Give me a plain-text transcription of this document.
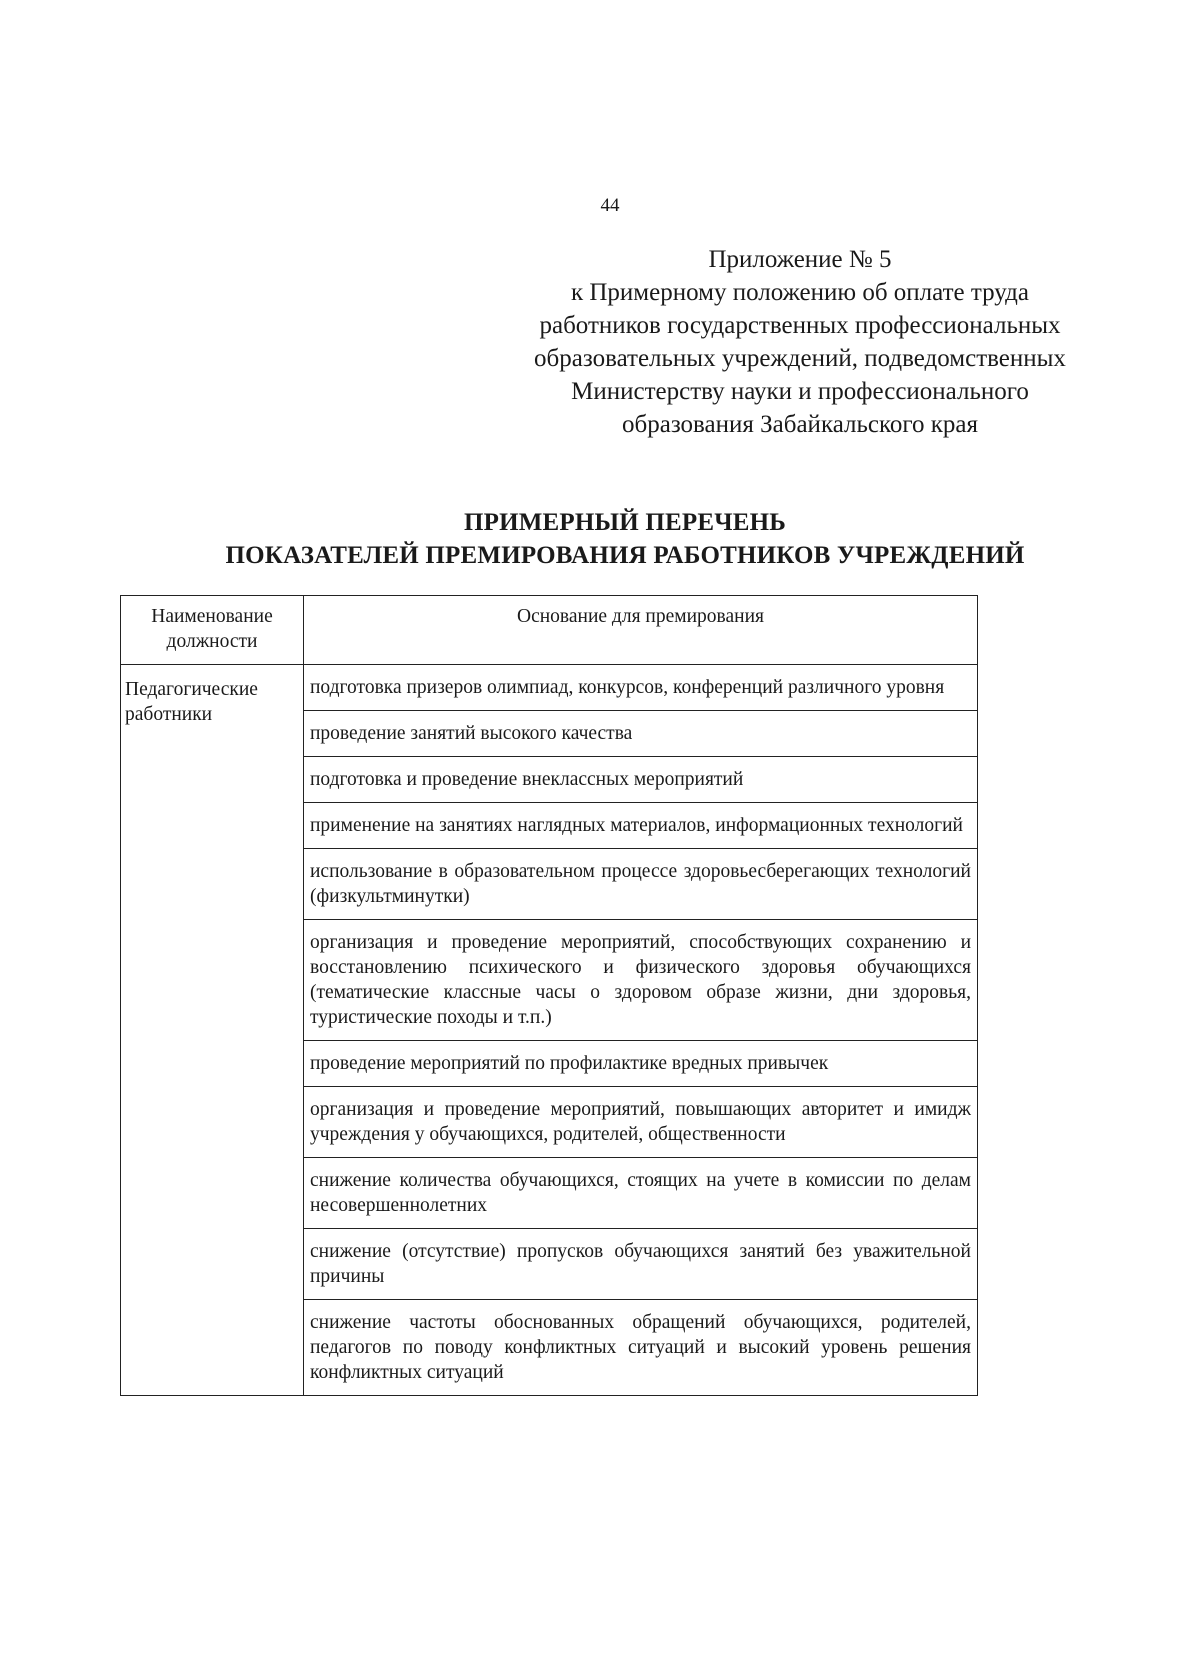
44
Приложение № 5
к Примерному положению об оплате труда
работников государственных профессиональных
образовательных учреждений, подведомственных
Министерству науки и профессионального
образования Забайкальского края
ПРИМЕРНЫЙ ПЕРЕЧЕНЬ
ПОКАЗАТЕЛЕЙ ПРЕМИРОВАНИЯ РАБОТНИКОВ УЧРЕЖДЕНИЙ
Наименование должности	Основание для премирования
Педагогические работники	подготовка призеров олимпиад, конкурсов, конференций различного уровня
	проведение занятий высокого качества
	подготовка и проведение внеклассных мероприятий
	применение на занятиях наглядных материалов, информационных технологий
	использование в образовательном процессе здоровьесберегающих технологий (физкультминутки)
	организация и проведение мероприятий, способствующих сохранению и восстановлению психического и физического здоровья обучающихся (тематические классные часы о здоровом образе жизни, дни здоровья, туристические походы и т.п.)
	проведение мероприятий по профилактике вредных привычек
	организация и проведение мероприятий, повышающих авторитет и имидж учреждения у обучающихся, родителей, общественности
	снижение количества обучающихся, стоящих на учете в комиссии по делам несовершеннолетних
	снижение (отсутствие) пропусков обучающихся занятий без уважительной причины
	снижение частоты обоснованных обращений обучающихся, родителей, педагогов по поводу конфликтных ситуаций и высокий уровень решения конфликтных ситуаций
